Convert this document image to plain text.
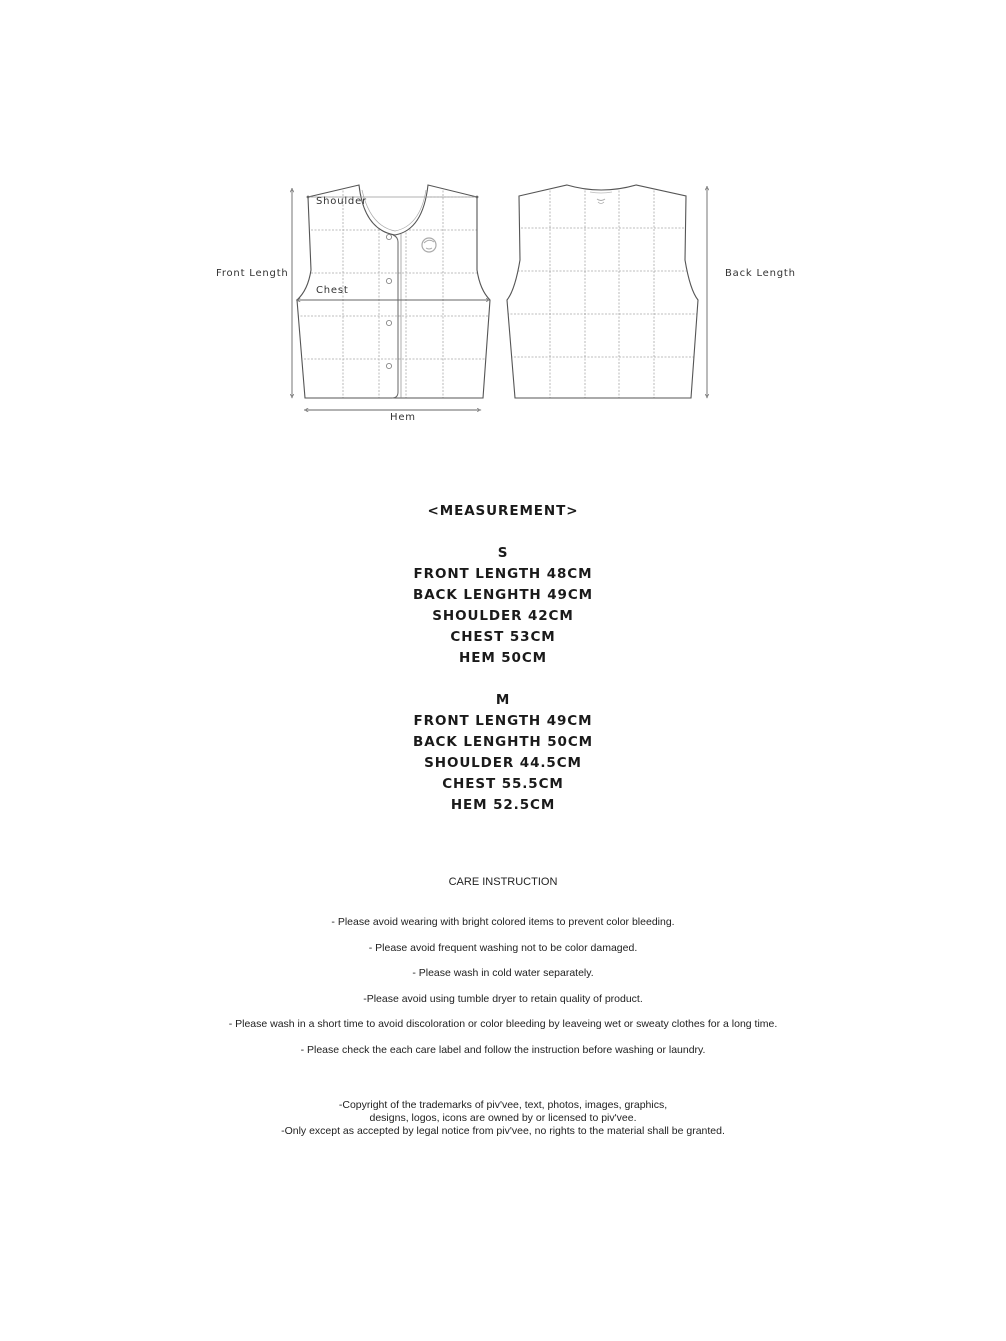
Shoulder
Chest
Front Length
Hem
Back Length
<MEASUREMENT>
S
FRONT LENGTH 48CM
BACK LENGHTH 49CM
SHOULDER 42CM
CHEST 53CM
HEM 50CM
M
FRONT LENGTH 49CM
BACK LENGHTH 50CM
SHOULDER 44.5CM
CHEST 55.5CM
HEM 52.5CM
CARE INSTRUCTION
- Please avoid wearing with bright colored items to prevent color bleeding.
- Please avoid frequent washing not to be color damaged.
- Please wash in cold water separately.
-Please avoid using tumble dryer to retain quality of product.
- Please wash in a short time to avoid discoloration or color bleeding by leaveing wet or sweaty clothes for a long time.
- Please check the each care label and follow the instruction before washing or laundry.
-Copyright of the trademarks of piv'vee, text, photos, images, graphics,
designs, logos, icons are owned by or licensed to piv'vee.
-Only except as accepted by legal notice from piv'vee, no rights to the material shall be granted.
